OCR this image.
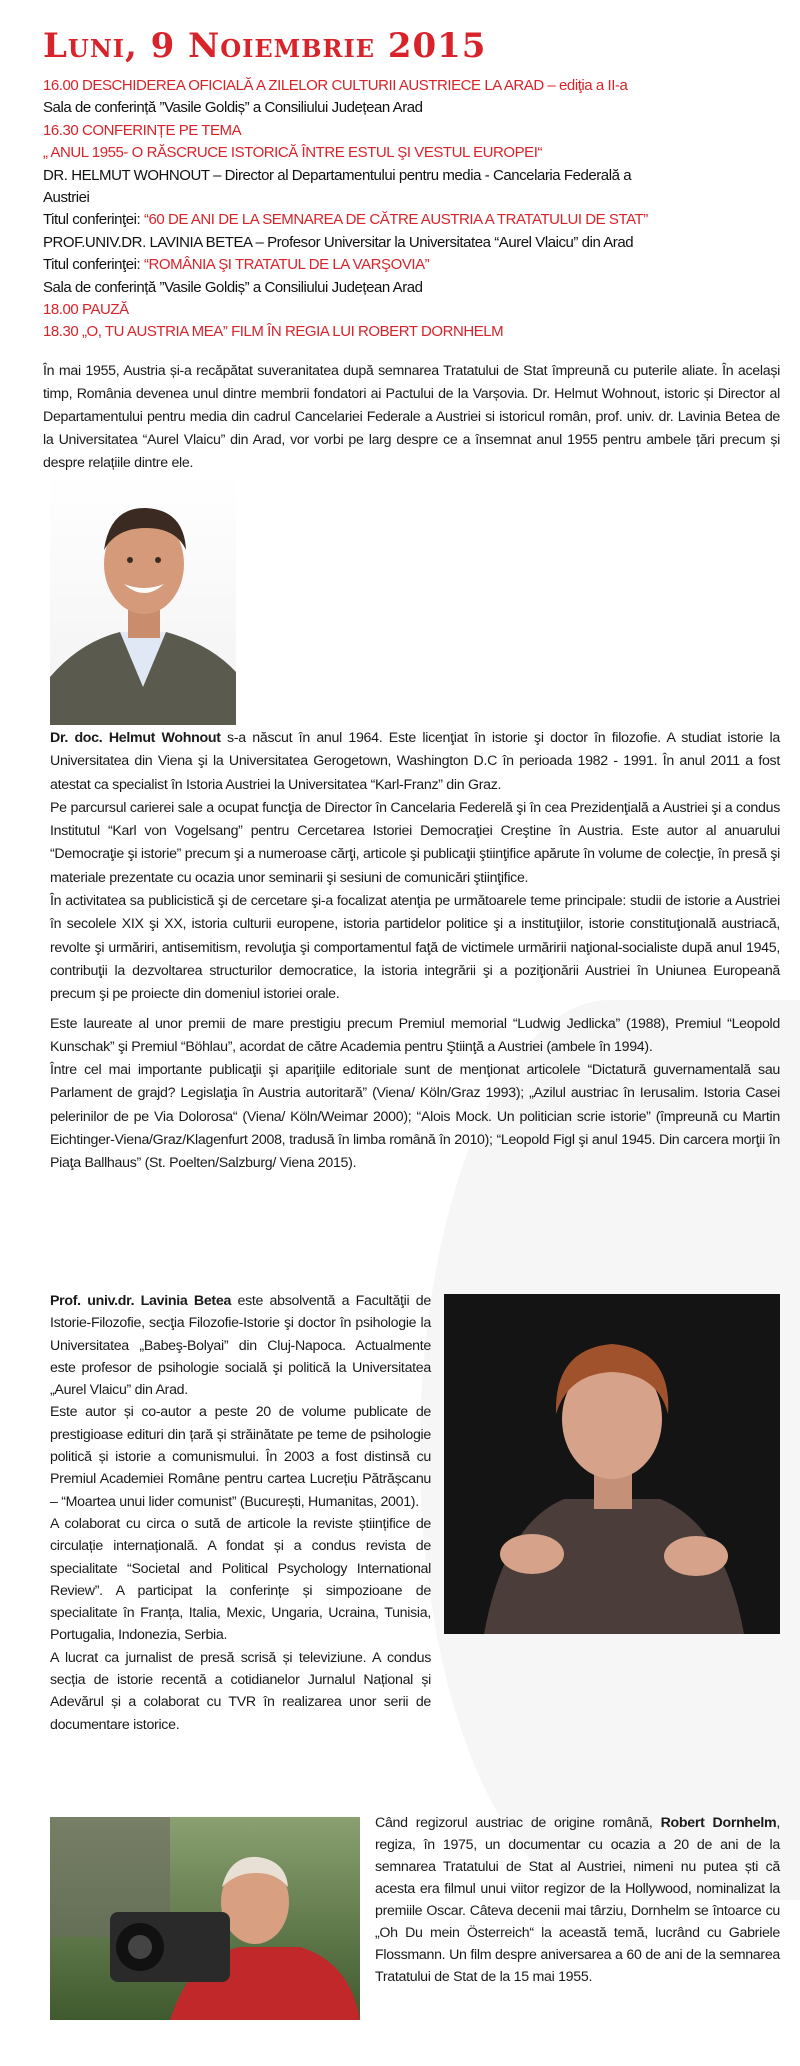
Luni, 9 Noiembrie 2015
16.00 DESCHIDEREA OFICIALĂ A ZILELOR CULTURII AUSTRIECE LA ARAD – ediţia a II-a
Sala de conferință ”Vasile Goldiș” a Consiliului Județean Arad
16.30 CONFERINȚE PE TEMA
„ ANUL 1955- O RĂSCRUCE ISTORICĂ ÎNTRE ESTUL ŞI VESTUL EUROPEI“
DR. HELMUT WOHNOUT – Director al Departamentului pentru media - Cancelaria Federală a
Austriei
Titul conferinţei: “60 DE ANI DE LA SEMNAREA DE CĂTRE AUSTRIA A TRATATULUI DE STAT”
PROF.UNIV.DR. LAVINIA BETEA – Profesor Universitar la Universitatea “Aurel Vlaicu” din Arad
Titul conferinţei: “ROMÂNIA ŞI TRATATUL DE LA VARŞOVIA”
Sala de conferință ”Vasile Goldiș” a Consiliului Județean Arad
18.00 PAUZĂ
18.30 „O, TU AUSTRIA MEA” FILM ÎN REGIA LUI ROBERT DORNHELM

În mai 1955, Austria și-a recăpătat suveranitatea după semnarea Tratatului de Stat împreună cu puterile aliate. În același timp, România devenea unul dintre membrii fondatori ai Pactului de la Varșovia. Dr. Helmut Wohnout, istoric și Director al Departamentului pentru media din cadrul Cancelariei Federale a Austriei si istoricul român, prof. univ. dr. Lavinia Betea de la Universitatea “Aurel Vlaicu” din Arad, vor vorbi pe larg despre ce a însemnat anul 1955 pentru ambele țări precum și despre relațiile dintre ele.

Dr. doc. Helmut Wohnout s-a născut în anul 1964. Este licenţiat în istorie şi doctor în filozofie. A studiat istorie la Universitatea din Viena şi la Universitatea Gerogetown, Washington D.C în perioada 1982 - 1991. În anul 2011 a fost atestat ca specialist în Istoria Austriei la Universitatea “Karl-Franz” din Graz.

Pe parcursul carierei sale a ocupat funcţia de Director în Cancelaria Federelă şi în cea Prezidenţială a Austriei şi a condus Institutul “Karl von Vogelsang” pentru Cercetarea Istoriei Democraţiei Creştine în Austria. Este autor al anuarului “Democraţie şi istorie” precum şi a numeroase cărţi, articole şi publicaţii ştiinţifice apărute în volume de colecţie, în presă şi materiale prezentate cu ocazia unor seminarii şi sesiuni de comunicări ştiinţifice.

În activitatea sa publicistică şi de cercetare şi-a focalizat atenţia pe următoarele teme principale: studii de istorie a Austriei în secolele XIX şi XX, istoria culturii europene, istoria partidelor politice şi a instituţiilor, istorie constituţională austriacă, revolte şi urmăriri, antisemitism, revoluţia şi comportamentul faţă de victimele urmăririi naţional-socialiste după anul 1945, contribuţii la dezvoltarea structurilor democratice, la istoria integrării şi a poziţionării Austriei în Uniunea Europeană precum şi pe proiecte din domeniul istoriei orale.

Este laureate al unor premii de mare prestigiu precum Premiul memorial “Ludwig Jedlicka” (1988), Premiul “Leopold Kunschak” şi Premiul “Böhlau”, acordat de către Academia pentru Ştiinţă a Austriei (ambele în 1994).

Între cel mai importante publicaţii şi apariţiile editoriale sunt de menţionat articolele “Dictatură guvernamentală sau Parlament de grajd? Legislaţia în Austria autoritară” (Viena/ Köln/Graz 1993); „Azilul austriac în Ierusalim. Istoria Casei pelerinilor de pe Via Dolorosa“ (Viena/ Köln/Weimar 2000); “Alois Mock. Un politician scrie istorie” (împreună cu Martin Eichtinger-Viena/Graz/Klagenfurt 2008, tradusă în limba română în 2010); “Leopold Figl şi anul 1945. Din carcera morţii în Piaţa Ballhaus” (St. Poelten/Salzburg/ Viena 2015).

Prof. univ.dr. Lavinia Betea este absolventă a Facultăţii de Istorie-Filozofie, secţia Filozofie-Istorie şi doctor în psihologie la Universitatea „Babeş-Bolyai” din Cluj-Napoca. Actualmente este profesor de psihologie socială şi politică la Universitatea „Aurel Vlaicu” din Arad.

Este autor și co-autor a peste 20 de volume publicate de prestigioase edituri din țară și străinătate pe teme de psihologie politică și istorie a comunismului. În 2003 a fost distinsă cu Premiul Academiei Române pentru cartea Lucrețiu Pătrășcanu – “Moartea unui lider comunist” (București, Humanitas, 2001).

A colaborat cu circa o sută de articole la reviste științifice de circulație internațională. A fondat și a condus revista de specialitate “Societal and Political Psychology International Review”. A participat la conferințe și simpozioane de specialitate în Franța, Italia, Mexic, Ungaria, Ucraina, Tunisia, Portugalia, Indonezia, Serbia.

A lucrat ca jurnalist de presă scrisă și televiziune. A condus secția de istorie recentă a cotidianelor Jurnalul Național și Adevărul și a colaborat cu TVR în realizarea unor serii de documentare istorice.

Când regizorul austriac de origine română, Robert Dornhelm, regiza, în 1975, un documentar cu ocazia a 20 de ani de la semnarea Tratatului de Stat al Austriei, nimeni nu putea ști că acesta era filmul unui viitor regizor de la Hollywood, nominalizat la premiile Oscar. Câteva decenii mai târziu, Dornhelm se întoarce cu „Oh Du mein Österreich“ la această temă, lucrând cu Gabriele Flossmann. Un film despre aniversarea a 60 de ani de la semnarea Tratatului de Stat de la 15 mai 1955.
